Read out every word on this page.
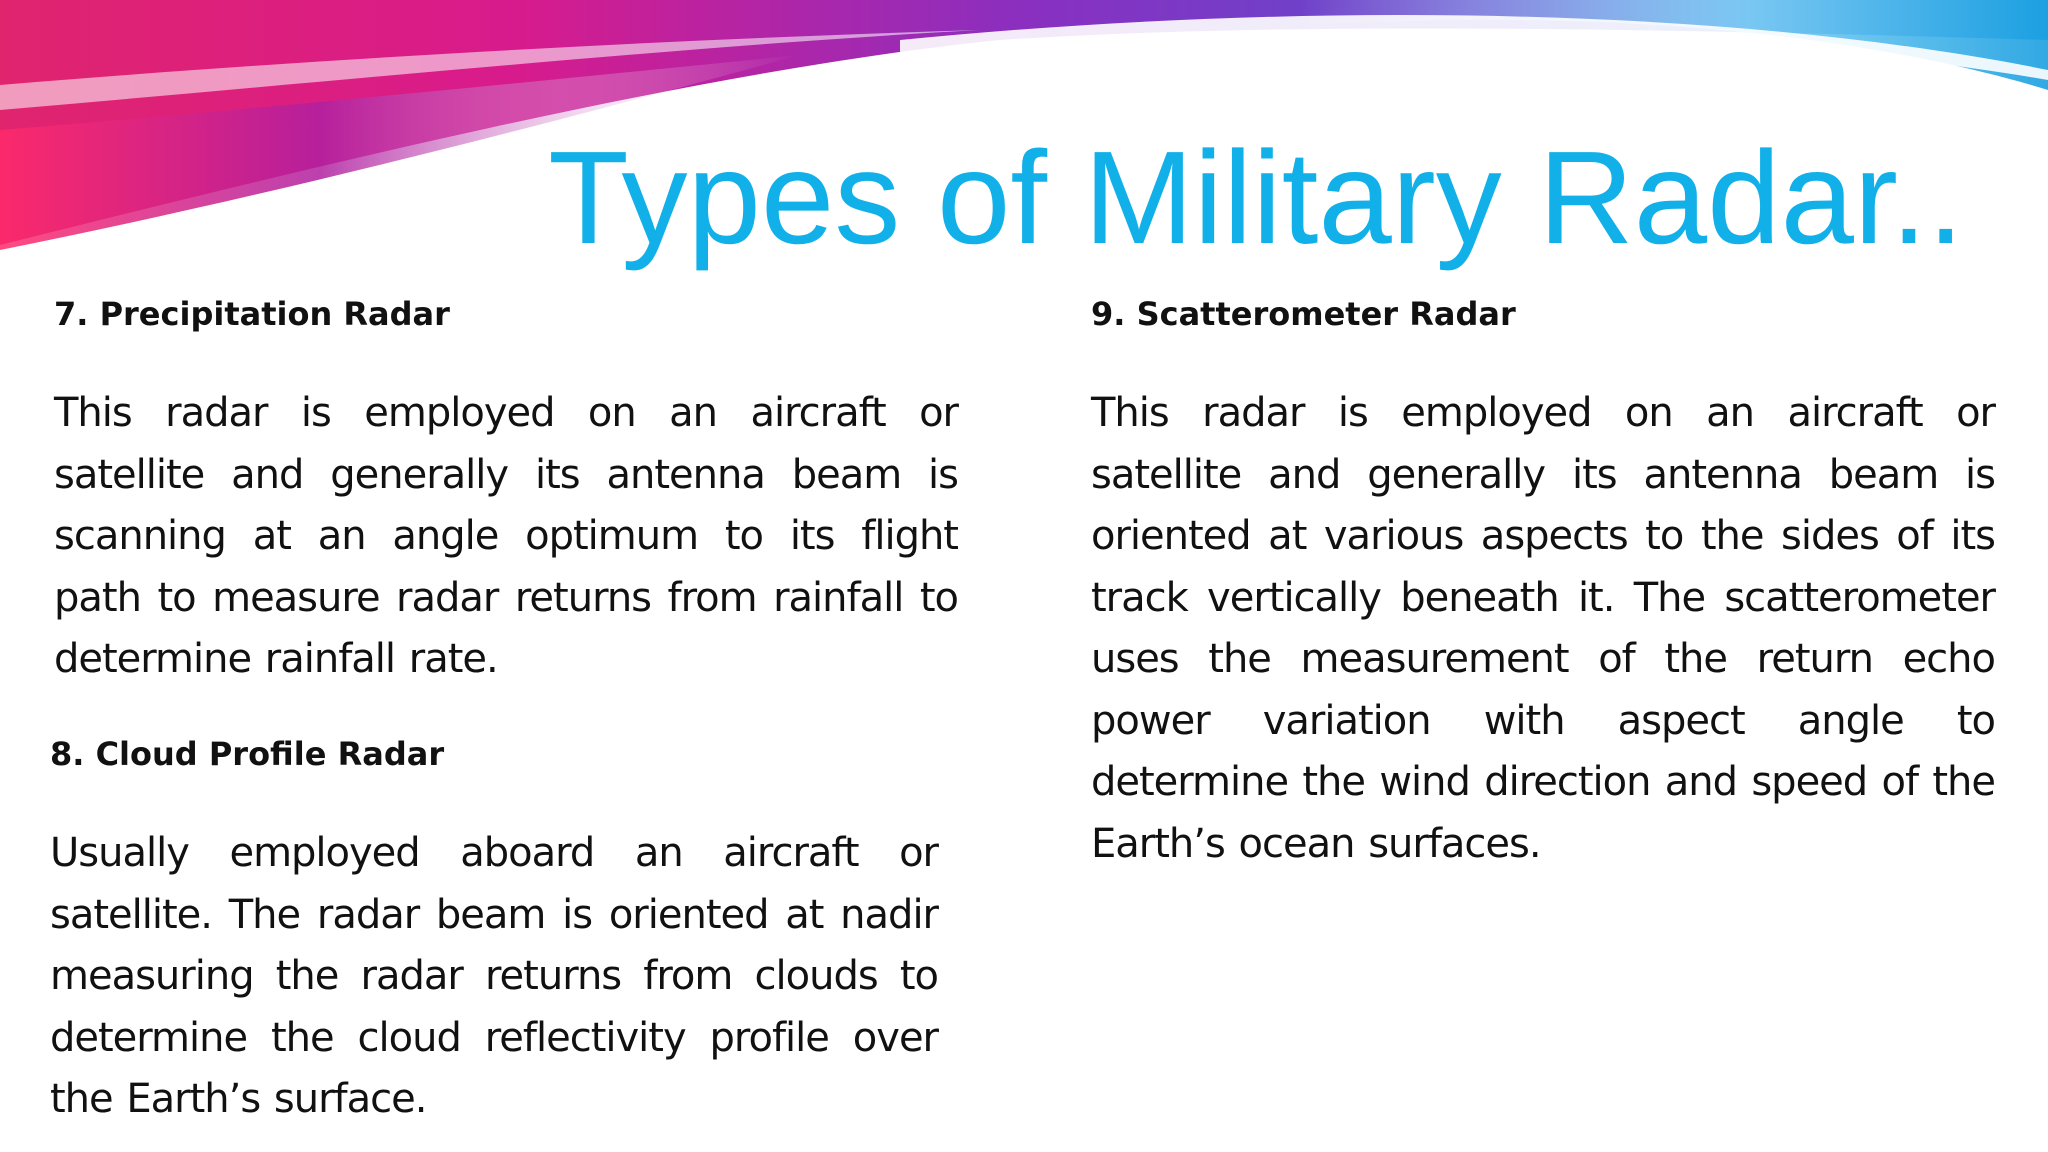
Types of Military Radar..
7. Precipitation Radar

This radar is employed on an aircraft or satellite and generally its antenna beam is scanning at an angle optimum to its flight path to measure radar returns from rainfall to determine rainfall rate.

8. Cloud Profile Radar

Usually employed aboard an aircraft or satellite. The radar beam is oriented at nadir measuring the radar returns from clouds to determine the cloud reflectivity profile over the Earth’s surface.

9. Scatterometer Radar

This radar is employed on an aircraft or satellite and generally its antenna beam is oriented at various aspects to the sides of its track vertically beneath it. The scatterometer uses the measurement of the return echo power variation with aspect angle to determine the wind direction and speed of the Earth’s ocean surfaces.
